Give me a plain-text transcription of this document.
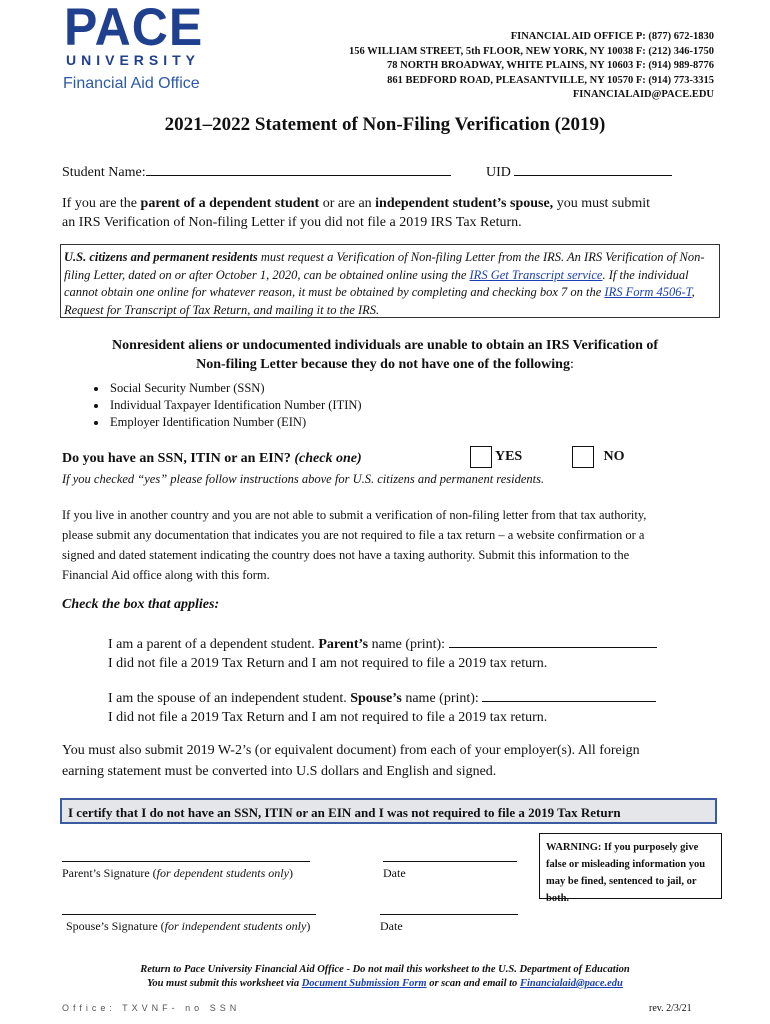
PACE
UNIVERSITY
Financial Aid Office
FINANCIAL AID OFFICE P: (877) 672-1830
156 WILLIAM STREET, 5th FLOOR, NEW YORK, NY 10038 F: (212) 346-1750
78 NORTH BROADWAY, WHITE PLAINS, NY 10603 F: (914) 989-8776
861 BEDFORD ROAD, PLEASANTVILLE, NY 10570 F: (914) 773-3315
FINANCIALAID@PACE.EDU
2021–2022 Statement of Non-Filing Verification (2019)
Student Name:	UID
If you are the parent of a dependent student or are an independent student’s spouse, you must submit
an IRS Verification of Non-filing Letter if you did not file a 2019 IRS Tax Return.
U.S. citizens and permanent residents must request a Verification of Non-filing Letter from the IRS. An IRS Verification of Non-filing Letter, dated on or after October 1, 2020, can be obtained online using the IRS Get Transcript service. If the individual cannot obtain one online for whatever reason, it must be obtained by completing and checking box 7 on the IRS Form 4506-T, Request for Transcript of Tax Return, and mailing it to the IRS.
Nonresident aliens or undocumented individuals are unable to obtain an IRS Verification of
Non-filing Letter because they do not have one of the following:
• Social Security Number (SSN)
• Individual Taxpayer Identification Number (ITIN)
• Employer Identification Number (EIN)
Do you have an SSN, ITIN or an EIN? (check one)	YES	NO
If you checked “yes” please follow instructions above for U.S. citizens and permanent residents.
If you live in another country and you are not able to submit a verification of non-filing letter from that tax authority,
please submit any documentation that indicates you are not required to file a tax return – a website confirmation or a
signed and dated statement indicating the country does not have a taxing authority. Submit this information to the
Financial Aid office along with this form.
Check the box that applies:
I am a parent of a dependent student. Parent’s name (print):
I did not file a 2019 Tax Return and I am not required to file a 2019 tax return.
I am the spouse of an independent student. Spouse’s name (print):
I did not file a 2019 Tax Return and I am not required to file a 2019 tax return.
You must also submit 2019 W-2’s (or equivalent document) from each of your employer(s). All foreign
earning statement must be converted into U.S dollars and English and signed.
I certify that I do not have an SSN, ITIN or an EIN and I was not required to file a 2019 Tax Return
WARNING: If you purposely give false or misleading information you may be fined, sentenced to jail, or both.
Parent’s Signature (for dependent students only)	Date
Spouse’s Signature (for independent students only)	Date
Return to Pace University Financial Aid Office - Do not mail this worksheet to the U.S. Department of Education
You must submit this worksheet via Document Submission Form or scan and email to Financialaid@pace.edu
Office: TXVNF- no SSN	rev. 2/3/21
